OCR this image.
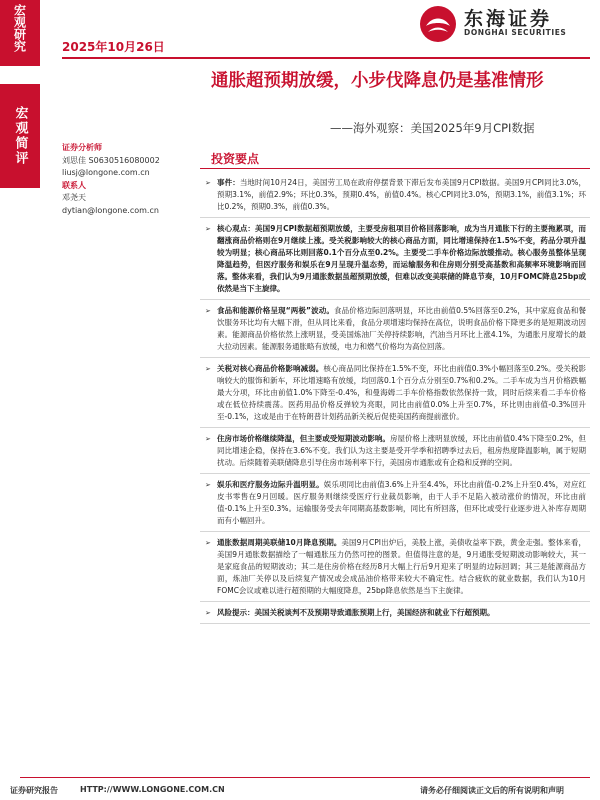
宏观研究
宏观简评
2025年10月26日
东海证券
DONGHAI SECURITIES
通胀超预期放缓，小步伐降息仍是基准情形
——海外观察：美国2025年9月CPI数据
证券分析师
刘思佳 S0630516080002
liusj@longone.com.cn
联系人
邓尧天
dytian@longone.com.cn
投资要点
➢ 事件：当地时间10月24日，美国劳工局在政府停摆背景下滞后发布美国9月CPI数据。美国9月CPI同比3.0%，预期3.1%，前值2.9%；环比0.3%，预期0.4%，前值0.4%。核心CPI同比3.0%，预期3.1%，前值3.1%；环比0.2%，预期0.3%，前值0.3%。
➢ 核心观点：美国9月CPI数据超预期放缓，主要受房租项目价格回落影响，成为当月通胀下行的主要拖累项，而翻涨商品价格则在9月继续上涨。受关税影响较大的核心商品方面，同比增速保持在1.5%不变，药品分项升温较为明显；核心商品环比则回落0.1个百分点至0.2%。主要受二手车价格边际放缓推动。核心服务虽整体呈现降温趋势，但医疗服务和娱乐在9月呈现升温态势，而运输服务和住房则分别受高基数和高频率环境影响而回落。整体来看，我们认为9月通胀数据虽超预期放缓，但难以改变美联储的降息节奏，10月FOMC降息25bp或依然是当下主旋律。
➢ 食品和能源价格呈现“两极”波动。食品价格边际回落明显，环比由前值0.5%回落至0.2%，其中家庭食品和餐饮服务环比均有大幅下滑，但从同比来看，食品分项增速均保持在高位，说明食品价格下降更多的是短期波动因素。能源商品价格依然上涨明显，受美国炼油厂关停持续影响，汽油当月环比上涨4.1%，为通胀月度增长的最大拉动因素。能源服务通胀略有放缓，电力和燃气价格均为高位回落。
➢ 关税对核心商品价格影响减弱。核心商品同比保持在1.5%不变，环比由前值0.3%小幅回落至0.2%。受关税影响较大的服饰和新车，环比增速略有放缓，均回落0.1个百分点分别至0.7%和0.2%。二手车成为当月价格跌幅最大分项，环比由前值1.0%下降至-0.4%，和曼海姆二手车价格指数依然保持一致，同时后续来看二手车价格或在低位持续震荡。医药用品价格反弹较为亮眼，同比由前值0.0%上升至0.7%，环比则由前值-0.3%回升至-0.1%，这或是由于在特朗普计划药品新关税后促使美国药商提前涨价。
➢ 住房市场价格继续降温，但主要或受短期波动影响。房屋价格上涨明显放缓，环比由前值0.4%下降至0.2%，但同比增速企稳，保持在3.6%不变。我们认为这主要是受开学季和招聘季过去后，租房热度降温影响，属于短期扰动。后续随着美联储降息引导住房市场利率下行，美国房市通胀或有企稳和反弹的空间。
➢ 娱乐和医疗服务边际升温明显。娱乐项同比由前值3.6%上升至4.4%，环比由前值-0.2%上升至0.4%，对应红皮书零售在9月回暖。医疗服务则继续受医疗行业裁员影响，由于人手不足陷入被动涨价的情况，环比由前值-0.1%上升至0.3%。运输服务受去年同期高基数影响，同比有所回落，但环比或受行业逐步进入补库存周期而有小幅回升。
➢ 通胀数据周期美联储10月降息预期。美国9月CPI出炉后，美股上涨，美债收益率下跌，黄金走强。整体来看，美国9月通胀数据描绘了一幅通胀压力仍然可控的图景。但值得注意的是，9月通胀受短期波动影响较大，其一是家庭食品的短期波动；其二是住房价格在经历8月大幅上行后9月迎来了明显的边际回调；其三是能源商品方面，炼油厂关停以及后续复产情况或会成品油价格带来较大不确定性。结合疲软的就业数据，我们认为10月FOMC会议或难以进行超预期的大幅度降息，25bp降息依然是当下主旋律。
➢ 风险提示：美国关税谈判不及预期导致通胀预期上行，美国经济和就业下行超预期。
证券研究报告	HTTP://WWW.LONGONE.COM.CN	请务必仔细阅读正文后的所有说明和声明
